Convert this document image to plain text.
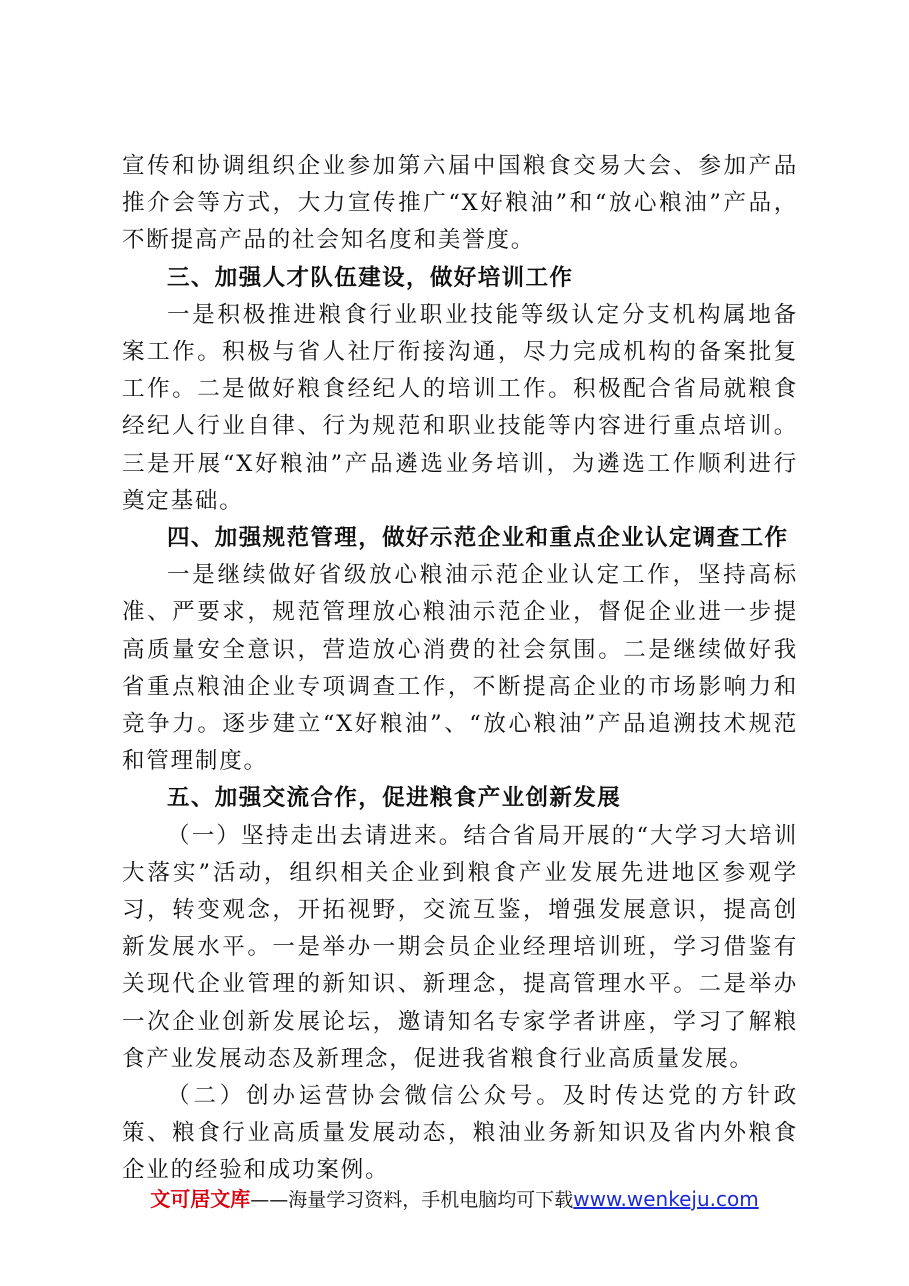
宣传和协调组织企业参加第六届中国粮食交易大会、参加产品推介会等方式，大力宣传推广“X好粮油”和“放心粮油”产品，不断提高产品的社会知名度和美誉度。

三、加强人才队伍建设，做好培训工作

一是积极推进粮食行业职业技能等级认定分支机构属地备案工作。积极与省人社厅衔接沟通，尽力完成机构的备案批复工作。二是做好粮食经纪人的培训工作。积极配合省局就粮食经纪人行业自律、行为规范和职业技能等内容进行重点培训。三是开展“X好粮油”产品遴选业务培训，为遴选工作顺利进行奠定基础。

四、加强规范管理，做好示范企业和重点企业认定调查工作

一是继续做好省级放心粮油示范企业认定工作，坚持高标准、严要求，规范管理放心粮油示范企业，督促企业进一步提高质量安全意识，营造放心消费的社会氛围。二是继续做好我省重点粮油企业专项调查工作，不断提高企业的市场影响力和竞争力。逐步建立“X好粮油”、“放心粮油”产品追溯技术规范和管理制度。

五、加强交流合作，促进粮食产业创新发展

（一）坚持走出去请进来。结合省局开展的“大学习大培训大落实”活动，组织相关企业到粮食产业发展先进地区参观学习，转变观念，开拓视野，交流互鉴，增强发展意识，提高创新发展水平。一是举办一期会员企业经理培训班，学习借鉴有关现代企业管理的新知识、新理念，提高管理水平。二是举办一次企业创新发展论坛，邀请知名专家学者讲座，学习了解粮食产业发展动态及新理念，促进我省粮食行业高质量发展。

（二）创办运营协会微信公众号。及时传达党的方针政策、粮食行业高质量发展动态，粮油业务新知识及省内外粮食企业的经验和成功案例。

文可居文库——海量学习资料，手机电脑均可下载www.wenkeju.com
